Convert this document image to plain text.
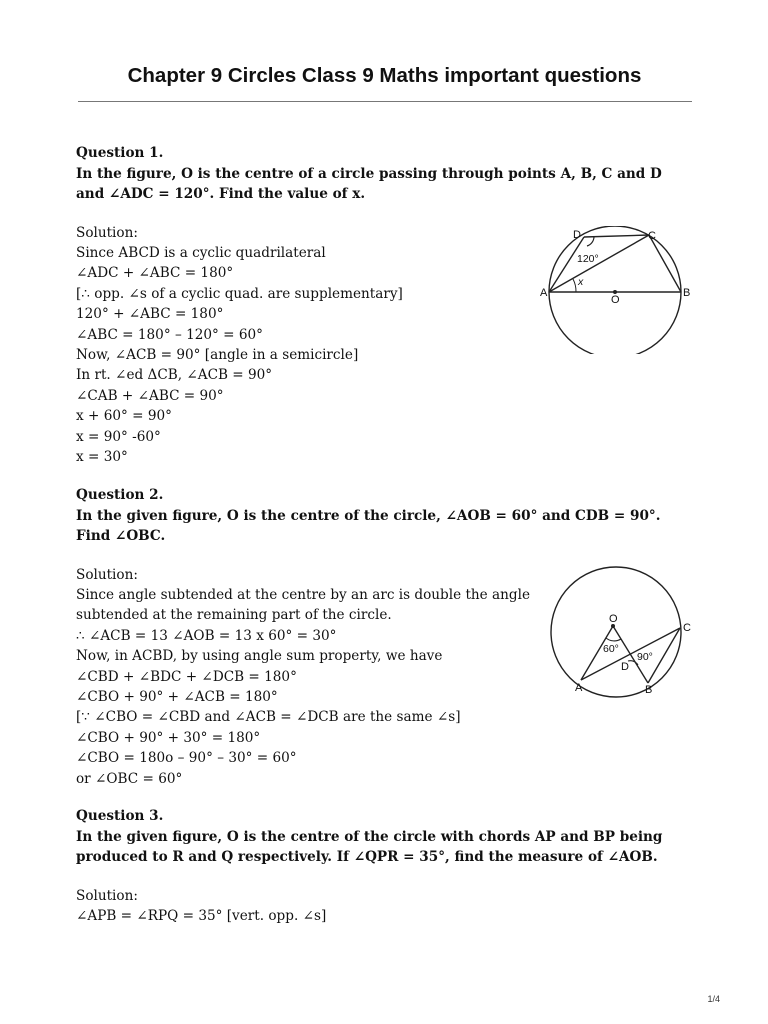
Chapter 9 Circles Class 9 Maths important questions
Question 1.

In the figure, O is the centre of a circle passing through points A, B, C and D and ∠ADC = 120°. Find the value of x.

Solution:
Since ABCD is a cyclic quadrilateral
∠ADC + ∠ABC = 180°
[∴ opp. ∠s of a cyclic quad. are supplementary]
120° + ∠ABC = 180°
∠ABC = 180° – 120° = 60°
Now, ∠ACB = 90° [angle in a semicircle]
In rt. ∠ed ΔCB, ∠ACB = 90°
∠CAB + ∠ABC = 90°
x + 60° = 90°
x = 90° -60°
x = 30°
D	C
A
O
B
120°
x
Question 2.

In the given figure, O is the centre of the circle, ∠AOB = 60° and CDB = 90°. Find ∠OBC.

Solution:
Since angle subtended at the centre by an arc is double the angle
subtended at the remaining part of the circle.
∴ ∠ACB = 13 ∠AOB = 13 x 60° = 30°
Now, in ACBD, by using angle sum property, we have
∠CBD + ∠BDC + ∠DCB = 180°
∠CBO + 90° + ∠ACB = 180°
[∵ ∠CBO = ∠CBD and ∠ACB = ∠DCB are the same ∠s]
∠CBO + 90° + 30° = 180°
∠CBO = 180o – 90° – 30° = 60°
or ∠OBC = 60°
O
C
D
A	B
60°
90°
Question 3.

In the given figure, O is the centre of the circle with chords AP and BP being produced to R and Q respectively. If ∠QPR = 35°, find the measure of ∠AOB.

Solution:
∠APB = ∠RPQ = 35° [vert. opp. ∠s]
1/4
